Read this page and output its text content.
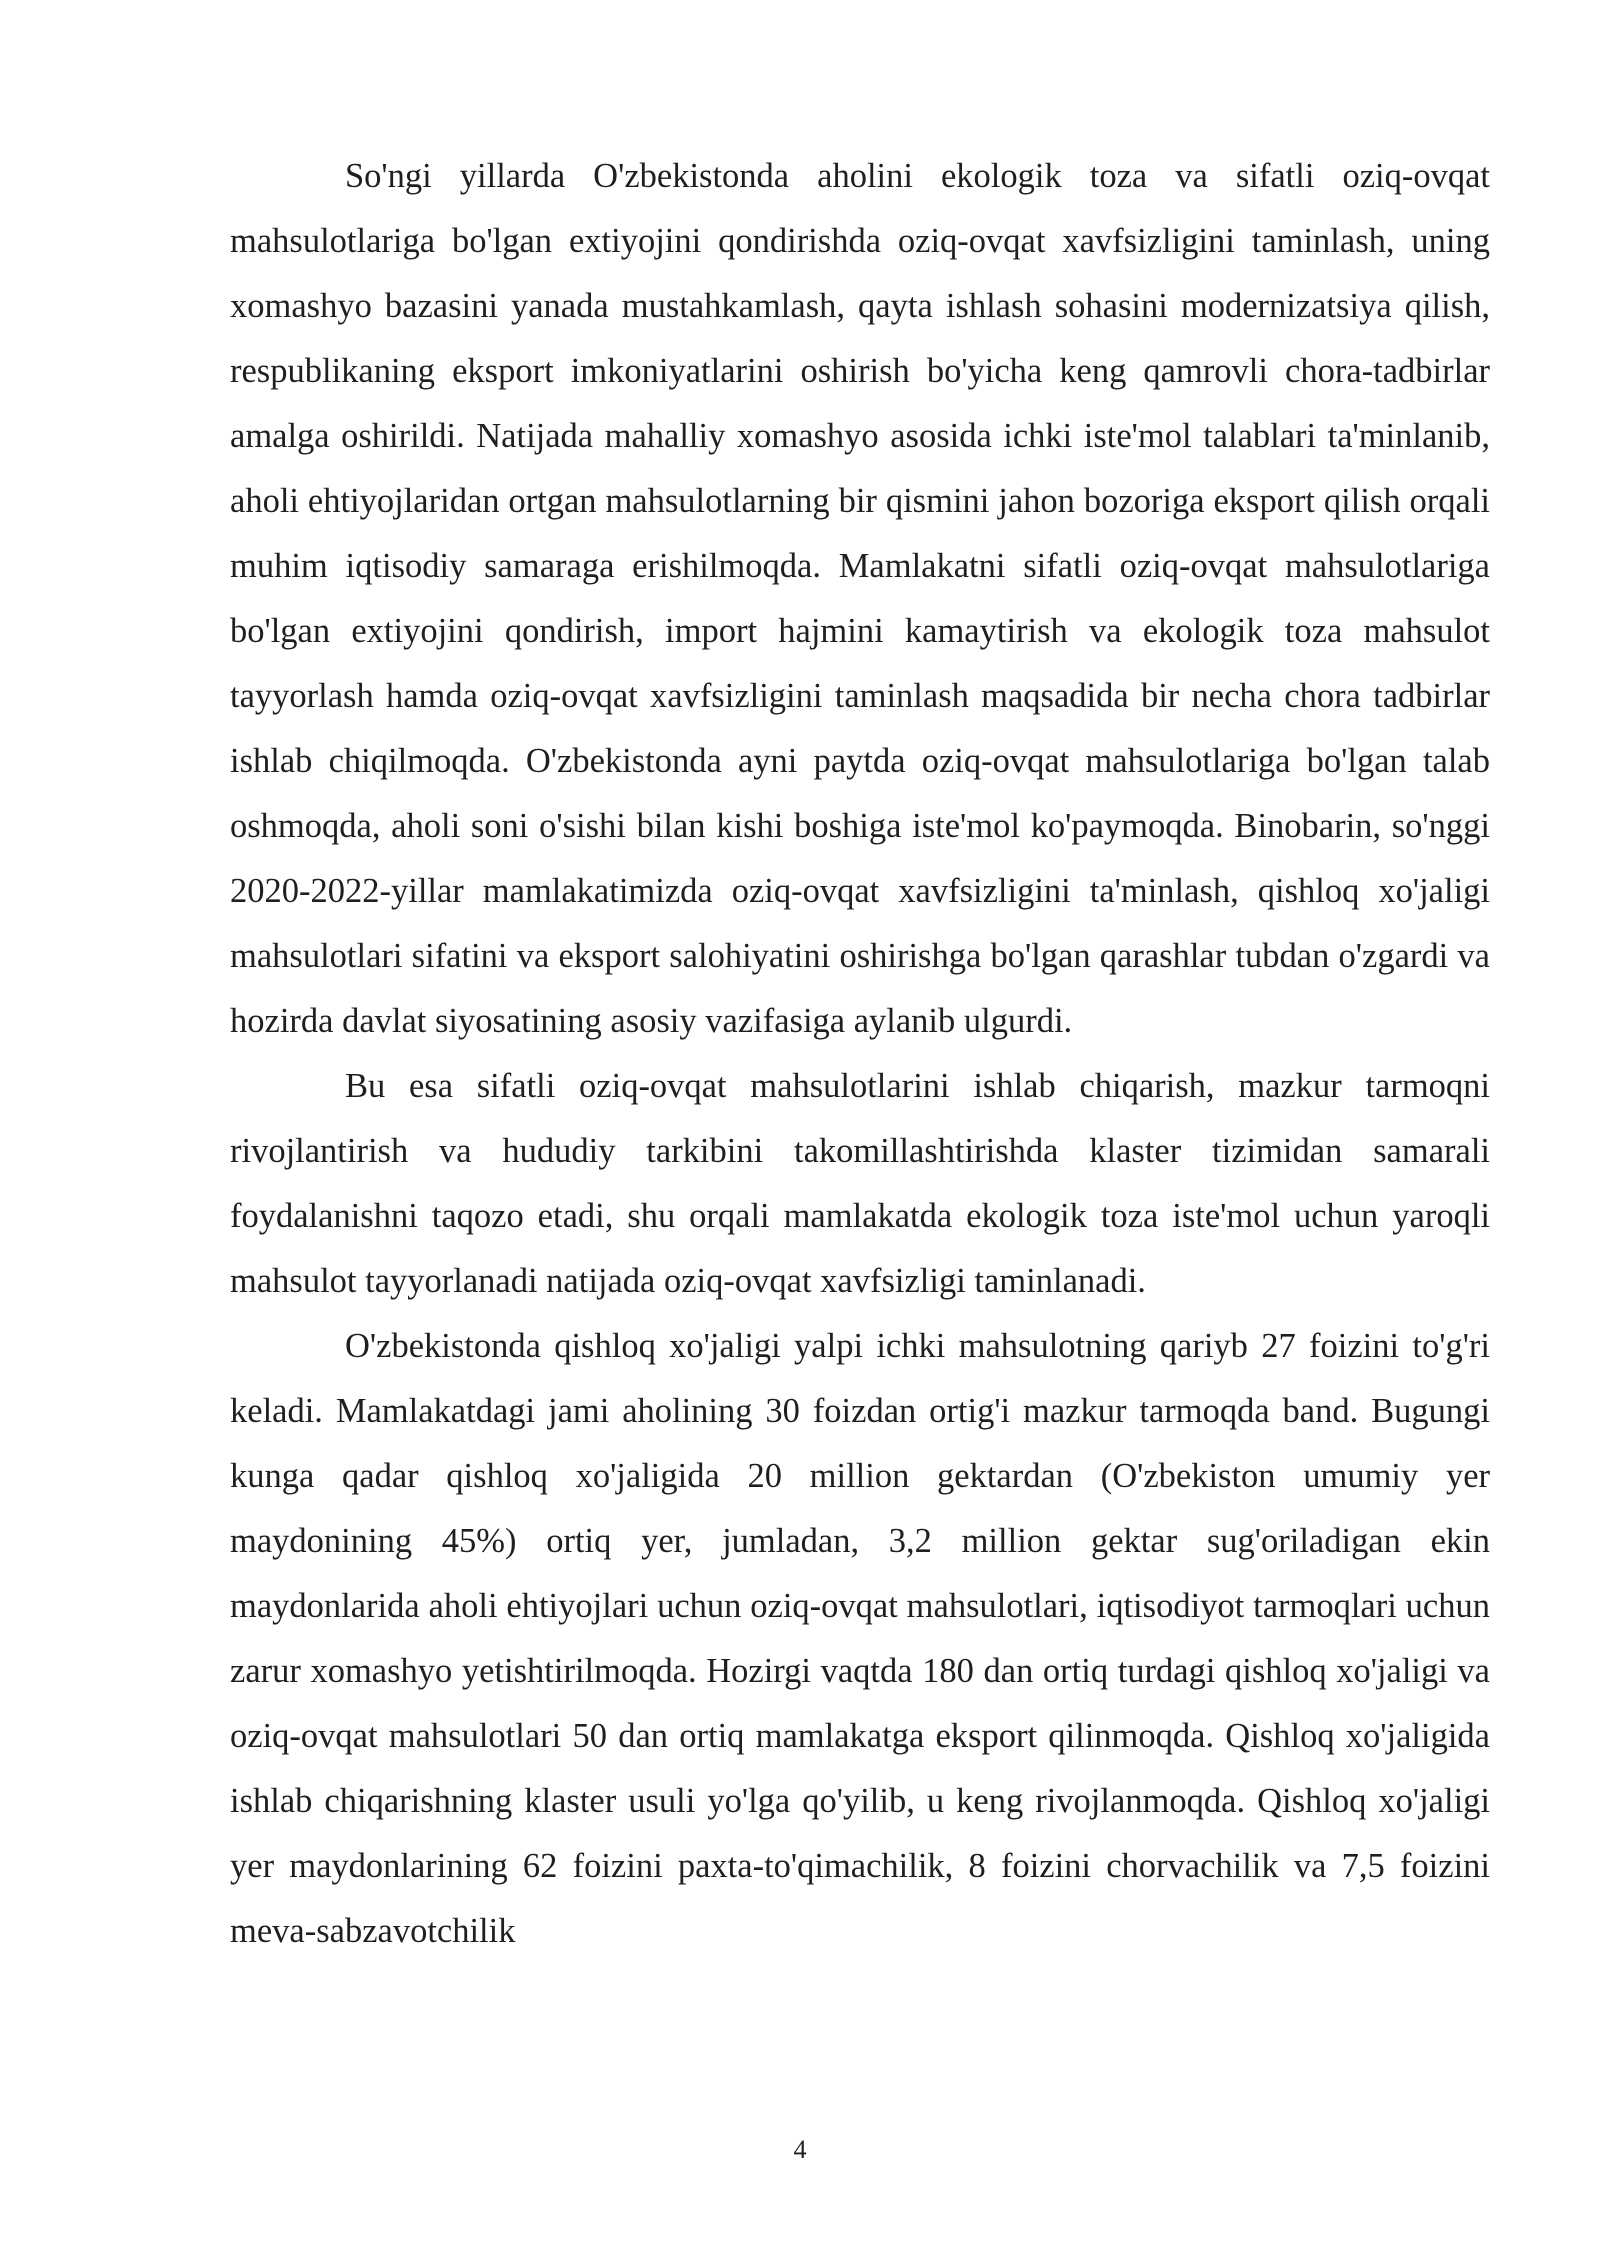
So'ngi yillarda O'zbekistonda aholini ekologik toza va sifatli oziq-ovqat mahsulotlariga bo'lgan extiyojini qondirishda oziq-ovqat xavfsizligini taminlash, uning xomashyo bazasini yanada mustahkamlash, qayta ishlash sohasini modernizatsiya qilish, respublikaning eksport imkoniyatlarini oshirish bo'yicha keng qamrovli chora-tadbirlar amalga oshirildi. Natijada mahalliy xomashyo asosida ichki iste'mol talablari ta'minlanib, aholi ehtiyojlaridan ortgan mahsulotlarning bir qismini jahon bozoriga eksport qilish orqali muhim iqtisodiy samaraga erishilmoqda. Mamlakatni sifatli oziq-ovqat mahsulotlariga bo'lgan extiyojini qondirish, import hajmini kamaytirish va ekologik toza mahsulot tayyorlash hamda oziq-ovqat xavfsizligini taminlash maqsadida bir necha chora tadbirlar ishlab chiqilmoqda. O'zbekistonda ayni paytda oziq-ovqat mahsulotlariga bo'lgan talab oshmoqda, aholi soni o'sishi bilan kishi boshiga iste'mol ko'paymoqda. Binobarin, so'nggi 2020-2022-yillar mamlakatimizda oziq-ovqat xavfsizligini ta'minlash, qishloq xo'jaligi mahsulotlari sifatini va eksport salohiyatini oshirishga bo'lgan qarashlar tubdan o'zgardi va hozirda davlat siyosatining asosiy vazifasiga aylanib ulgurdi.

Bu esa sifatli oziq-ovqat mahsulotlarini ishlab chiqarish, mazkur tarmoqni rivojlantirish va hududiy tarkibini takomillashtirishda klaster tizimidan samarali foydalanishni taqozo etadi, shu orqali mamlakatda ekologik toza iste'mol uchun yaroqli mahsulot tayyorlanadi natijada oziq-ovqat xavfsizligi taminlanadi.

O'zbekistonda qishloq xo'jaligi yalpi ichki mahsulotning qariyb 27 foizini to'g'ri keladi. Mamlakatdagi jami aholining 30 foizdan ortig'i mazkur tarmoqda band. Bugungi kunga qadar qishloq xo'jaligida 20 million gektardan (O'zbekiston umumiy yer maydonining 45%) ortiq yer, jumladan, 3,2 million gektar sug'oriladigan ekin maydonlarida aholi ehtiyojlari uchun oziq-ovqat mahsulotlari, iqtisodiyot tarmoqlari uchun zarur xomashyo yetishtirilmoqda. Hozirgi vaqtda 180 dan ortiq turdagi qishloq xo'jaligi va oziq-ovqat mahsulotlari 50 dan ortiq mamlakatga eksport qilinmoqda. Qishloq xo'jaligida ishlab chiqarishning klaster usuli yo'lga qo'yilib, u keng rivojlanmoqda. Qishloq xo'jaligi yer maydonlarining 62 foizini paxta-to'qimachilik, 8 foizini chorvachilik va 7,5 foizini meva-sabzavotchilik

4
